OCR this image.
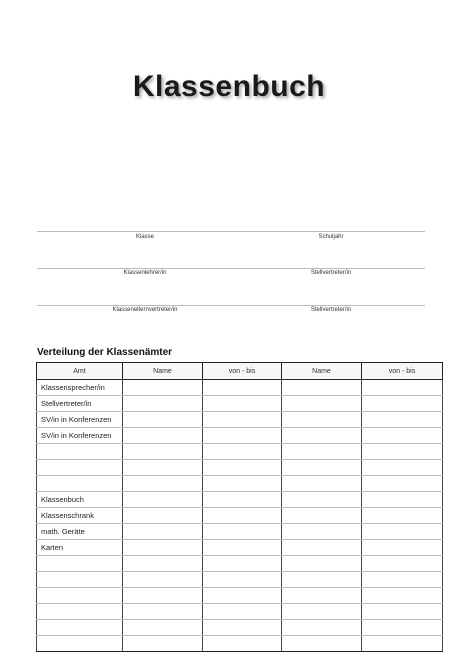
Klassenbuch
Klasse	Schuljahr
Klassenlehrer/in	Stellvertreter/in
Klassenelternvertreter/in	Stellvertreter/in
Verteilung der Klassenämter
Amt	Name	von - bis	Name	von - bis
Klassensprecher/in				
Stellvertreter/in				
SV/in in Konferenzen				
SV/in in Konferenzen				

Klassenbuch				
Klassenschrank				
math. Geräte				
Karten				
